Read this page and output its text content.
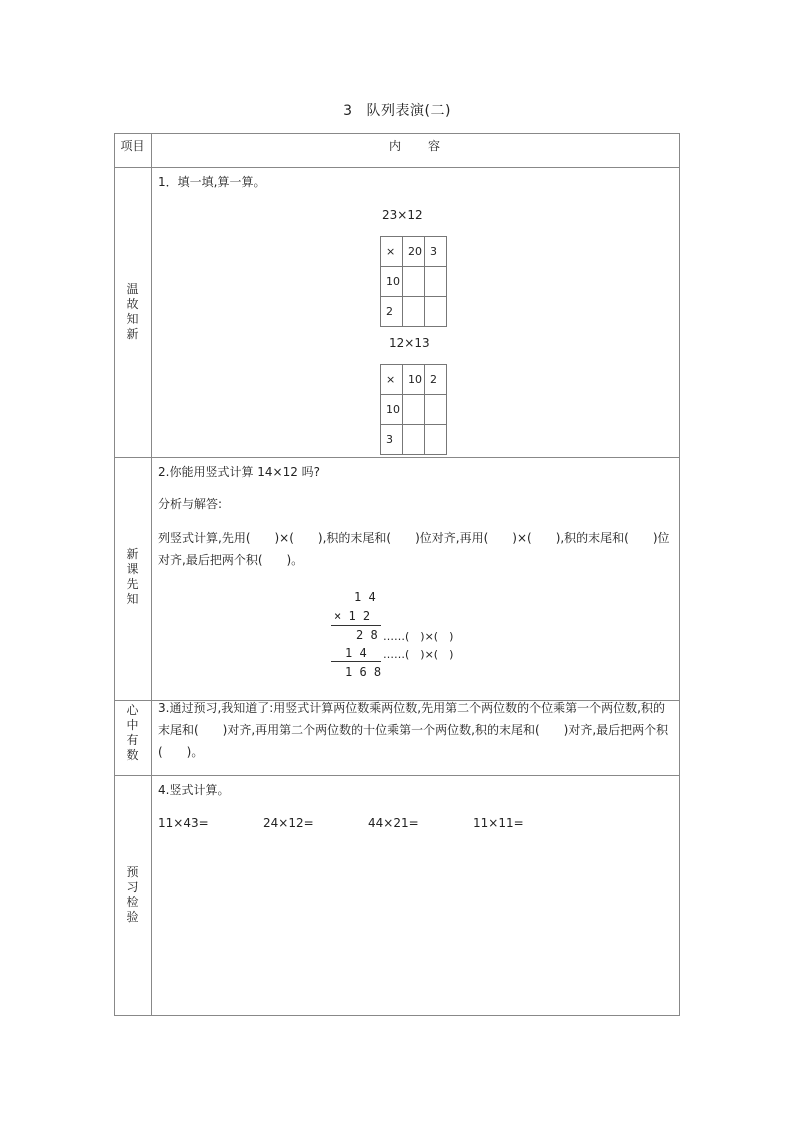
3 队列表演(二)
项目	内　　容
温
故
知
新
1．填一填,算一算。
23×12
×	20	3
10		
2		
12×13
×	10	2
10		
3		
新
课
先
知
2.你能用竖式计算 14×12 吗?
分析与解答:
列竖式计算,先用(　　)×(　　),积的末尾和(　　)位对齐,再用(　　)×(　　),积的末尾和(　　)位对齐,最后把两个积(　　)。
1 4
× 1 2
2 8 ……(　)×(　)
1 4 ……(　)×(　)
1 6 8
心
中
有
数
3.通过预习,我知道了:用竖式计算两位数乘两位数,先用第二个两位数的个位乘第一个两位数,积的末尾和(　　)对齐,再用第二个两位数的十位乘第一个两位数,积的末尾和(　　)对齐,最后把两个积(　　)。
预
习
检
验
4.竖式计算。
11×43=	24×12=	44×21=	11×11=
